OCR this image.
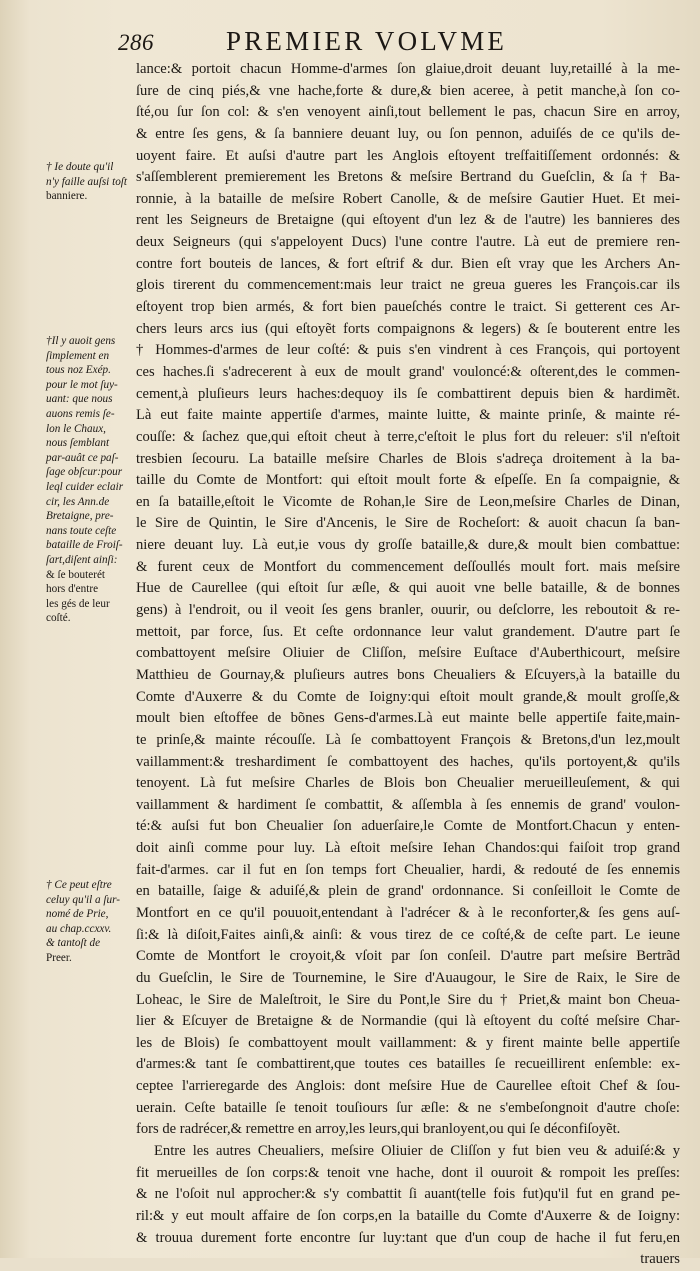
286	PREMIER VOLVME
lance:& portoit chacun Homme-d'armes ſon glaiue,droit deuant luy,retaillé à la me-
ſure de cinq piés,& vne hache,forte & dure,& bien aceree, à petit manche,à ſon co-
ſté,ou ſur ſon col: & s'en venoyent ainſi,tout bellement le pas, chacun Sire en arroy,
& entre ſes gens, & ſa banniere deuant luy, ou ſon pennon, aduiſés de ce qu'ils de-
uoyent faire. Et auſsi d'autre part les Anglois eſtoyent treſfaitiſſement ordonnés: &
s'aſſemblerent premierement les Bretons & meſsire Bertrand du Gueſclin, & ſa † Ba-
ronnie, à la bataille de meſsire Robert Canolle, & de meſsire Gautier Huet. Et mei-
rent les Seigneurs de Bretaigne (qui eſtoyent d'un lez & de l'autre) les bannieres des
deux Seigneurs (qui s'appeloyent Ducs) l'une contre l'autre. Là eut de premiere ren-
contre fort bouteis de lances, & fort eſtrif & dur. Bien eſt vray que les Archers An-
glois tirerent du commencement:mais leur traict ne greua gueres les François.car ils
eſtoyent trop bien armés, & fort bien paueſchés contre le traict. Si getterent ces Ar-
chers leurs arcs ius (qui eſtoyẽt forts compaignons & legers) & ſe bouterent entre les
† Hommes-d'armes de leur coſté: & puis s'en vindrent à ces François, qui portoyent
ces haches.ſi s'adrecerent à eux de moult grand' vouloncé:& oſterent,des le commen-
cement,à pluſieurs leurs haches:dequoy ils ſe combattirent depuis bien & hardimẽt.
Là eut faite mainte appertiſe d'armes, mainte luitte, & mainte prinſe, & mainte ré-
couſſe: & ſachez que,qui eſtoit cheut à terre,c'eſtoit le plus fort du releuer: s'il n'eſtoit
tresbien ſecouru. La bataille meſsire Charles de Blois s'adreça droitement à la ba-
taille du Comte de Montfort: qui eſtoit moult forte & eſpeſſe. En ſa compaignie, &
en ſa bataille,eſtoit le Vicomte de Rohan,le Sire de Leon,meſsire Charles de Dinan,
le Sire de Quintin, le Sire d'Ancenis, le Sire de Rocheſort: & auoit chacun ſa ban-
niere deuant luy. Là eut,ie vous dy groſſe bataille,& dure,& moult bien combattue:
& furent ceux de Montfort du commencement deſſoullés moult fort. mais meſsire
Hue de Caurellee (qui eſtoit ſur æſle, & qui auoit vne belle bataille, & de bonnes
gens) à l'endroit, ou il veoit ſes gens branler, ouurir, ou deſclorre, les reboutoit & re-
mettoit, par force, ſus. Et ceſte ordonnance leur valut grandement. D'autre part ſe
combattoyent meſsire Oliuier de Cliſſon, meſsire Euſtace d'Auberthicourt, meſsire
Matthieu de Gournay,& pluſieurs autres bons Cheualiers & Eſcuyers,à la bataille du
Comte d'Auxerre & du Comte de Ioigny:qui eſtoit moult grande,& moult groſſe,&
moult bien eſtoffee de bõnes Gens-d'armes.Là eut mainte belle appertiſe faite,main-
te prinſe,& mainte récouſſe. Là ſe combattoyent François & Bretons,d'un lez,moult
vaillamment:& treshardiment ſe combattoyent des haches, qu'ils portoyent,& qu'ils
tenoyent. Là fut meſsire Charles de Blois bon Cheualier merueilleuſement, & qui
vaillamment & hardiment ſe combattit, & aſſembla à ſes ennemis de grand' voulon-
té:& auſsi fut bon Cheualier ſon aduerſaire,le Comte de Montfort.Chacun y enten-
doit ainſi comme pour luy. Là eſtoit meſsire Iehan Chandos:qui faiſoit trop grand
fait-d'armes. car il fut en ſon temps fort Cheualier, hardi, & redouté de ſes ennemis
en bataille, ſaige & aduiſé,& plein de grand' ordonnance. Si conſeilloit le Comte de
Montfort en ce qu'il pouuoit,entendant à l'adrécer & à le reconforter,& ſes gens auſ-
ſi:& là diſoit,Faites ainſi,& ainſi: & vous tirez de ce coſté,& de ceſte part. Le ieune
Comte de Montfort le croyoit,& vſoit par ſon conſeil. D'autre part meſsire Bertrãd
du Gueſclin, le Sire de Tournemine, le Sire d'Auaugour, le Sire de Raix, le Sire de
Loheac, le Sire de Maleſtroit, le Sire du Pont,le Sire du † Priet,& maint bon Cheua-
lier & Eſcuyer de Bretaigne & de Normandie (qui là eſtoyent du coſté meſsire Char-
les de Blois) ſe combattoyent moult vaillamment: & y firent mainte belle appertiſe
d'armes:& tant ſe combattirent,que toutes ces batailles ſe recueillirent enſemble: ex-
ceptee l'arrieregarde des Anglois: dont meſsire Hue de Caurellee eſtoit Chef & ſou-
uerain. Ceſte bataille ſe tenoit touſiours ſur æſle: & ne s'embeſongnoit d'autre choſe:
fors de radrécer,& remettre en arroy,les leurs,qui branloyent,ou qui ſe déconfiſoyẽt.
Entre les autres Cheualiers, meſsire Oliuier de Cliſſon y fut bien veu & aduiſé:& y
fit merueilles de ſon corps:& tenoit vne hache, dont il ouuroit & rompoit les preſſes:
& ne l'oſoit nul approcher:& s'y combattit ſi auant(telle fois fut)qu'il fut en grand pe-
ril:& y eut moult affaire de ſon corps,en la bataille du Comte d'Auxerre & de Ioigny:
& trouua durement forte encontre ſur luy:tant que d'un coup de hache il fut feru,en
trauers
† Ie doute qu'il
n'y faille auſsi toſt
banniere.
†Il y auoit gens
ſimplement en
tous noz Exép.
pour le mot ſuy-
uant: que nous
auons remis ſe-
lon le Chaux,
nous ſemblant
par-auât ce paſ-
ſage obſcur:pour
leql cuider eclair
cir, les Ann.de
Bretaigne, pre-
nans toute ceſte
bataille de Froiſ-
ſart,diſent ainſi:
& ſe bouterét
hors d'entre
les gés de leur
coſté.
† Ce peut eſtre
celuy qu'il a ſur-
nomé de Prie,
au chap.ccxxv.
& tantoſt de
Preer.
